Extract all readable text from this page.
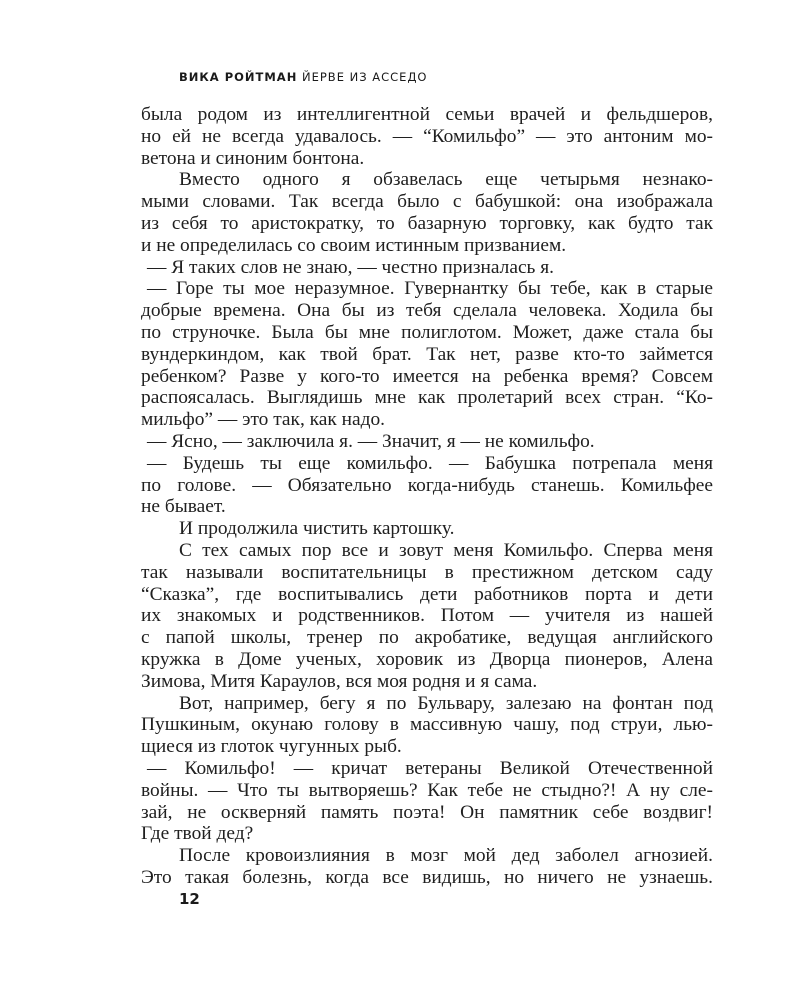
ВИКА РОЙТМАН ЙЕРВЕ ИЗ АССЕДО
была родом из интеллигентной семьи врачей и фельдшеров,
но ей не всегда удавалось. — “Комильфо” — это антоним мо-
ветона и синоним бонтона.
Вместо одного я обзавелась еще четырьмя незнако-
мыми словами. Так всегда было с бабушкой: она изображала
из себя то аристократку, то базарную торговку, как будто так
и не определилась со своим истинным призванием.
— Я таких слов не знаю, — честно призналась я.
— Горе ты мое неразумное. Гувернантку бы тебе, как в старые
добрые времена. Она бы из тебя сделала человека. Ходила бы
по струночке. Была бы мне полиглотом. Может, даже стала бы
вундеркиндом, как твой брат. Так нет, разве кто-то займется
ребенком? Разве у кого-то имеется на ребенка время? Совсем
распоясалась. Выглядишь мне как пролетарий всех стран. “Ко-
мильфо” — это так, как надо.
— Ясно, — заключила я. — Значит, я — не комильфо.
— Будешь ты еще комильфо. — Бабушка потрепала меня
по голове. — Обязательно когда-нибудь станешь. Комильфее
не бывает.
И продолжила чистить картошку.
С тех самых пор все и зовут меня Комильфо. Сперва меня
так называли воспитательницы в престижном детском саду
“Сказка”, где воспитывались дети работников порта и дети
их знакомых и родственников. Потом — учителя из нашей
с папой школы, тренер по акробатике, ведущая английского
кружка в Доме ученых, хоровик из Дворца пионеров, Алена
Зимова, Митя Караулов, вся моя родня и я сама.
Вот, например, бегу я по Бульвару, залезаю на фонтан под
Пушкиным, окунаю голову в массивную чашу, под струи, лью-
щиеся из глоток чугунных рыб.
— Комильфо! — кричат ветераны Великой Отечественной
войны. — Что ты вытворяешь? Как тебе не стыдно?! А ну сле-
зай, не оскверняй память поэта! Он памятник себе воздвиг!
Где твой дед?
После кровоизлияния в мозг мой дед заболел агнозией.
Это такая болезнь, когда все видишь, но ничего не узнаешь.
12
